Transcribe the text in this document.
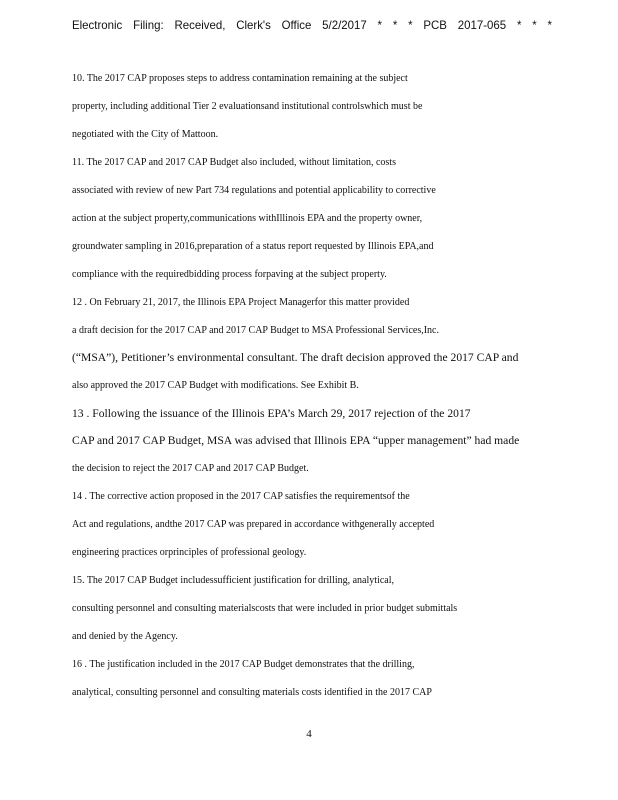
Electronic Filing: Received, Clerk's Office 5/2/2017 * * * PCB 2017-065 * * *
10. The 2017 CAP proposes steps to address contamination remaining at the subject
property, including additional Tier 2 evaluationsand institutional controlswhich must be
negotiated with the City of Mattoon.
11. The 2017 CAP and 2017 CAP Budget also included, without limitation, costs
associated with review of new Part 734 regulations and potential applicability to corrective
action at the subject property,communications withIllinois EPA and the property owner,
groundwater sampling in 2016,preparation of a status report requested by Illinois EPA,and
compliance with the requiredbidding process forpaving at the subject property.
12 . On February 21, 2017, the Illinois EPA Project Managerfor this matter provided
a draft decision for the 2017 CAP and 2017 CAP Budget to MSA Professional Services,Inc.
(“MSA”), Petitioner’s environmental consultant. The draft decision approved the 2017 CAP and
also approved the 2017 CAP Budget with modifications. See Exhibit B.
13 . Following the issuance of the Illinois EPA’s March 29, 2017 rejection of the 2017
CAP and 2017 CAP Budget, MSA was advised that Illinois EPA “upper management” had made
the decision to reject the 2017 CAP and 2017 CAP Budget.
14 . The corrective action proposed in the 2017 CAP satisfies the requirementsof the
Act and regulations, andthe 2017 CAP was prepared in accordance withgenerally accepted
engineering practices orprinciples of professional geology.
15. The 2017 CAP Budget includessufficient justification for drilling, analytical,
consulting personnel and consulting materialscosts that were included in prior budget submittals
and denied by the Agency.
16 . The justification included in the 2017 CAP Budget demonstrates that the drilling,
analytical, consulting personnel and consulting materials costs identified in the 2017 CAP
4
